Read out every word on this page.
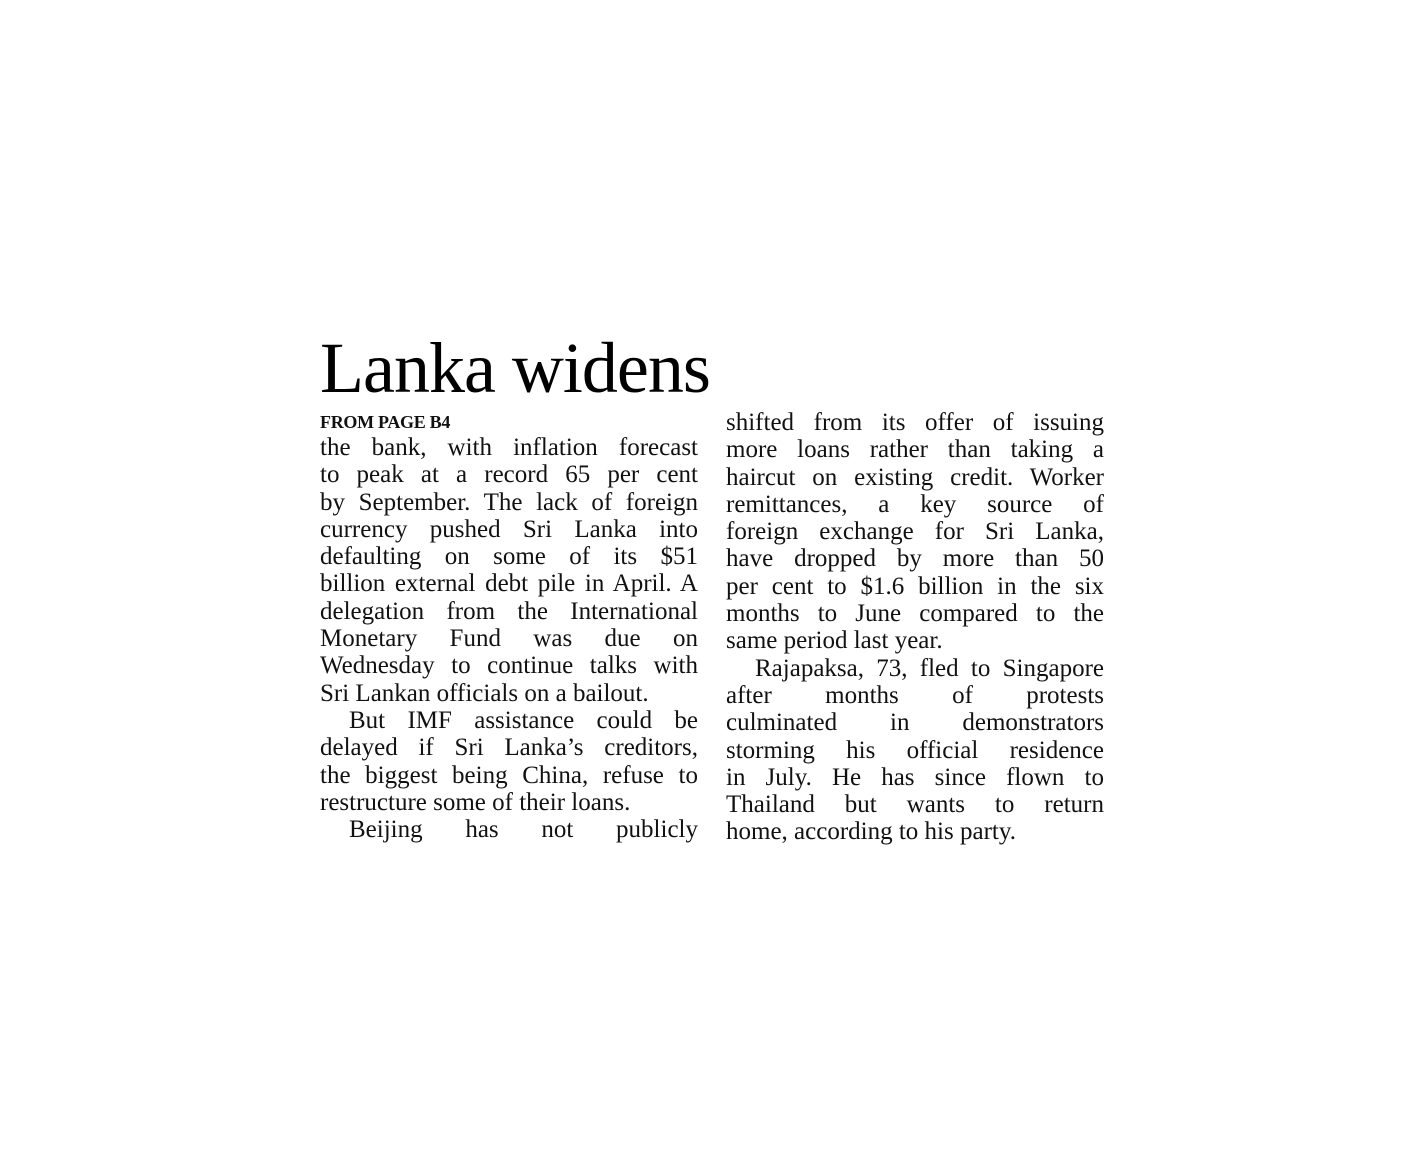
Lanka widens
FROM PAGE B4
the bank, with inflation forecast
to peak at a record 65 per cent
by September. The lack of foreign
currency pushed Sri Lanka into
defaulting on some of its $51
billion external debt pile in April. A
delegation from the International
Monetary Fund was due on
Wednesday to continue talks with
Sri Lankan officials on a bailout.
But IMF assistance could be
delayed if Sri Lanka’s creditors,
the biggest being China, refuse to
restructure some of their loans.
Beijing has not publicly
shifted from its offer of issuing
more loans rather than taking a
haircut on existing credit. Worker
remittances, a key source of
foreign exchange for Sri Lanka,
have dropped by more than 50
per cent to $1.6 billion in the six
months to June compared to the
same period last year.
Rajapaksa, 73, fled to Singapore
after months of protests
culminated in demonstrators
storming his official residence
in July. He has since flown to
Thailand but wants to return
home, according to his party.
